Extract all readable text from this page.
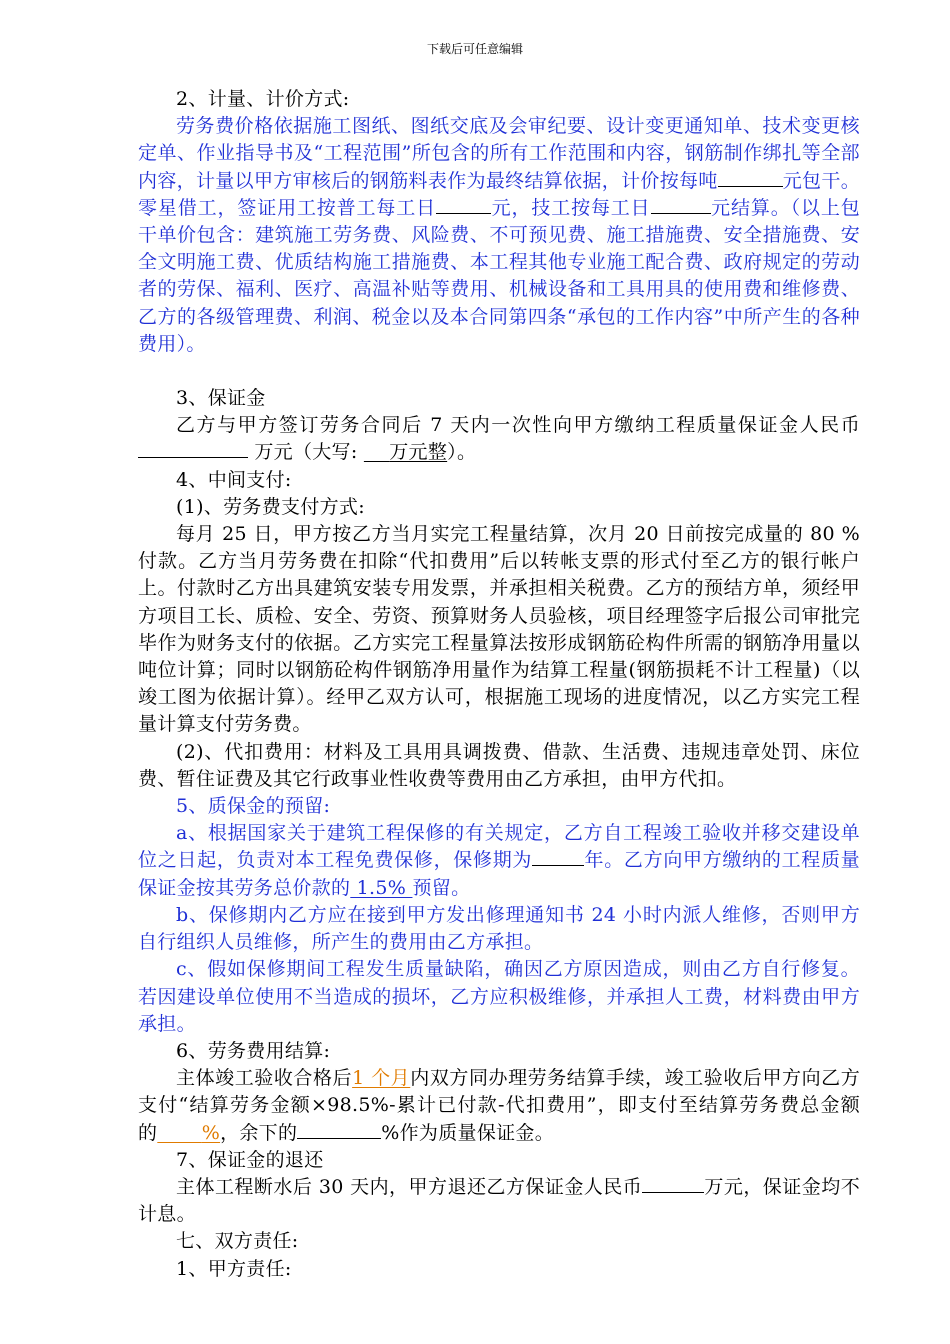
下载后可任意编辑

2、计量、计价方式:

劳务费价格依据施工图纸、图纸交底及会审纪要、设计变更通知单、技术变更核定单、作业指导书及“工程范围”所包含的所有工作范围和内容，钢筋制作绑扎等全部内容，计量以甲方审核后的钢筋料表作为最终结算依据，计价按每吨	元包干。零星借工，签证用工按普工每工日	元，技工按每工日	元结算。（以上包干单价包含：建筑施工劳务费、风险费、不可预见费、施工措施费、安全措施费、安全文明施工费、优质结构施工措施费、本工程其他专业施工配合费、政府规定的劳动者的劳保、福利、医疗、高温补贴等费用、机械设备和工具用具的使用费和维修费、乙方的各级管理费、利润、税金以及本合同第四条“承包的工作内容”中所产生的各种费用）。

3、保证金

乙方与甲方签订劳务合同后 7 天内一次性向甲方缴纳工程质量保证金人民币 万元（大写:     万元整）。

4、中间支付:

(1)、劳务费支付方式:

每月 25 日，甲方按乙方当月实完工程量结算，次月 20 日前按完成量的 80 %付款。乙方当月劳务费在扣除“代扣费用”后以转帐支票的形式付至乙方的银行帐户上。付款时乙方出具建筑安装专用发票，并承担相关税费。乙方的预结方单，须经甲方项目工长、质检、安全、劳资、预算财务人员验核，项目经理签字后报公司审批完毕作为财务支付的依据。乙方实完工程量算法按形成钢筋砼构件所需的钢筋净用量以吨位计算；同时以钢筋砼构件钢筋净用量作为结算工程量(钢筋损耗不计工程量)（以竣工图为依据计算）。经甲乙双方认可，根据施工现场的进度情况，以乙方实完工程量计算支付劳务费。

(2)、代扣费用：材料及工具用具调拨费、借款、生活费、违规违章处罚、床位费、暂住证费及其它行政事业性收费等费用由乙方承担，由甲方代扣。

5、质保金的预留:

a、根据国家关于建筑工程保修的有关规定，乙方自工程竣工验收并移交建设单位之日起，负责对本工程免费保修，保修期为	年。乙方向甲方缴纳的工程质量保证金按其劳务总价款的 1.5% 预留。

b、保修期内乙方应在接到甲方发出修理通知书 24 小时内派人维修，否则甲方自行组织人员维修，所产生的费用由乙方承担。

c、假如保修期间工程发生质量缺陷，确因乙方原因造成，则由乙方自行修复。若因建设单位使用不当造成的损坏，乙方应积极维修，并承担人工费，材料费由甲方承担。

6、劳务费用结算:

主体竣工验收合格后1 个月内双方同办理劳务结算手续，竣工验收后甲方向乙方支付“结算劳务金额×98.5%-累计已付款-代扣费用”，即支付至结算劳务费总金额的 %，余下的	%作为质量保证金。

7、保证金的退还

主体工程断水后 30 天内，甲方退还乙方保证金人民币	万元，保证金均不计息。

七、双方责任:

1、甲方责任:
